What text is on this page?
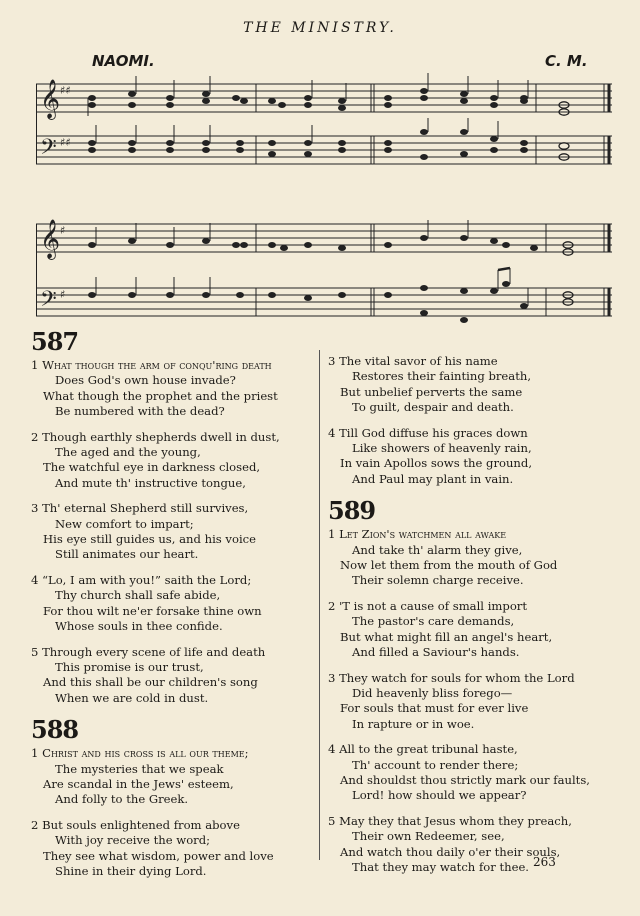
THE MINISTRY.
NAOMI.	C. M.
𝄞
𝄢
♯♯
♯♯
𝄞
𝄢
♯
♯
587
1 What though the arm of conqu'ring death
Does God's own house invade?
What though the prophet and the priest
Be numbered with the dead?
2 Though earthly shepherds dwell in dust,
The aged and the young,
The watchful eye in darkness closed,
And mute th' instructive tongue,
3 Th' eternal Shepherd still survives,
New comfort to impart;
His eye still guides us, and his voice
Still animates our heart.
4 “Lo, I am with you!” saith the Lord;
Thy church shall safe abide,
For thou wilt ne'er forsake thine own
Whose souls in thee confide.
5 Through every scene of life and death
This promise is our trust,
And this shall be our children's song
When we are cold in dust.
588
1 Christ and his cross is all our theme;
The mysteries that we speak
Are scandal in the Jews' esteem,
And folly to the Greek.
2 But souls enlightened from above
With joy receive the word;
They see what wisdom, power and love
Shine in their dying Lord.
3 The vital savor of his name
Restores their fainting breath,
But unbelief perverts the same
To guilt, despair and death.
4 Till God diffuse his graces down
Like showers of heavenly rain,
In vain Apollos sows the ground,
And Paul may plant in vain.
589
1 Let Zion's watchmen all awake
And take th' alarm they give,
Now let them from the mouth of God
Their solemn charge receive.
2 'T is not a cause of small import
The pastor's care demands,
But what might fill an angel's heart,
And filled a Saviour's hands.
3 They watch for souls for whom the Lord
Did heavenly bliss forego—
For souls that must for ever live
In rapture or in woe.
4 All to the great tribunal haste,
Th' account to render there;
And shouldst thou strictly mark our faults,
Lord! how should we appear?
5 May they that Jesus whom they preach,
Their own Redeemer, see,
And watch thou daily o'er their souls,
That they may watch for thee. 263
